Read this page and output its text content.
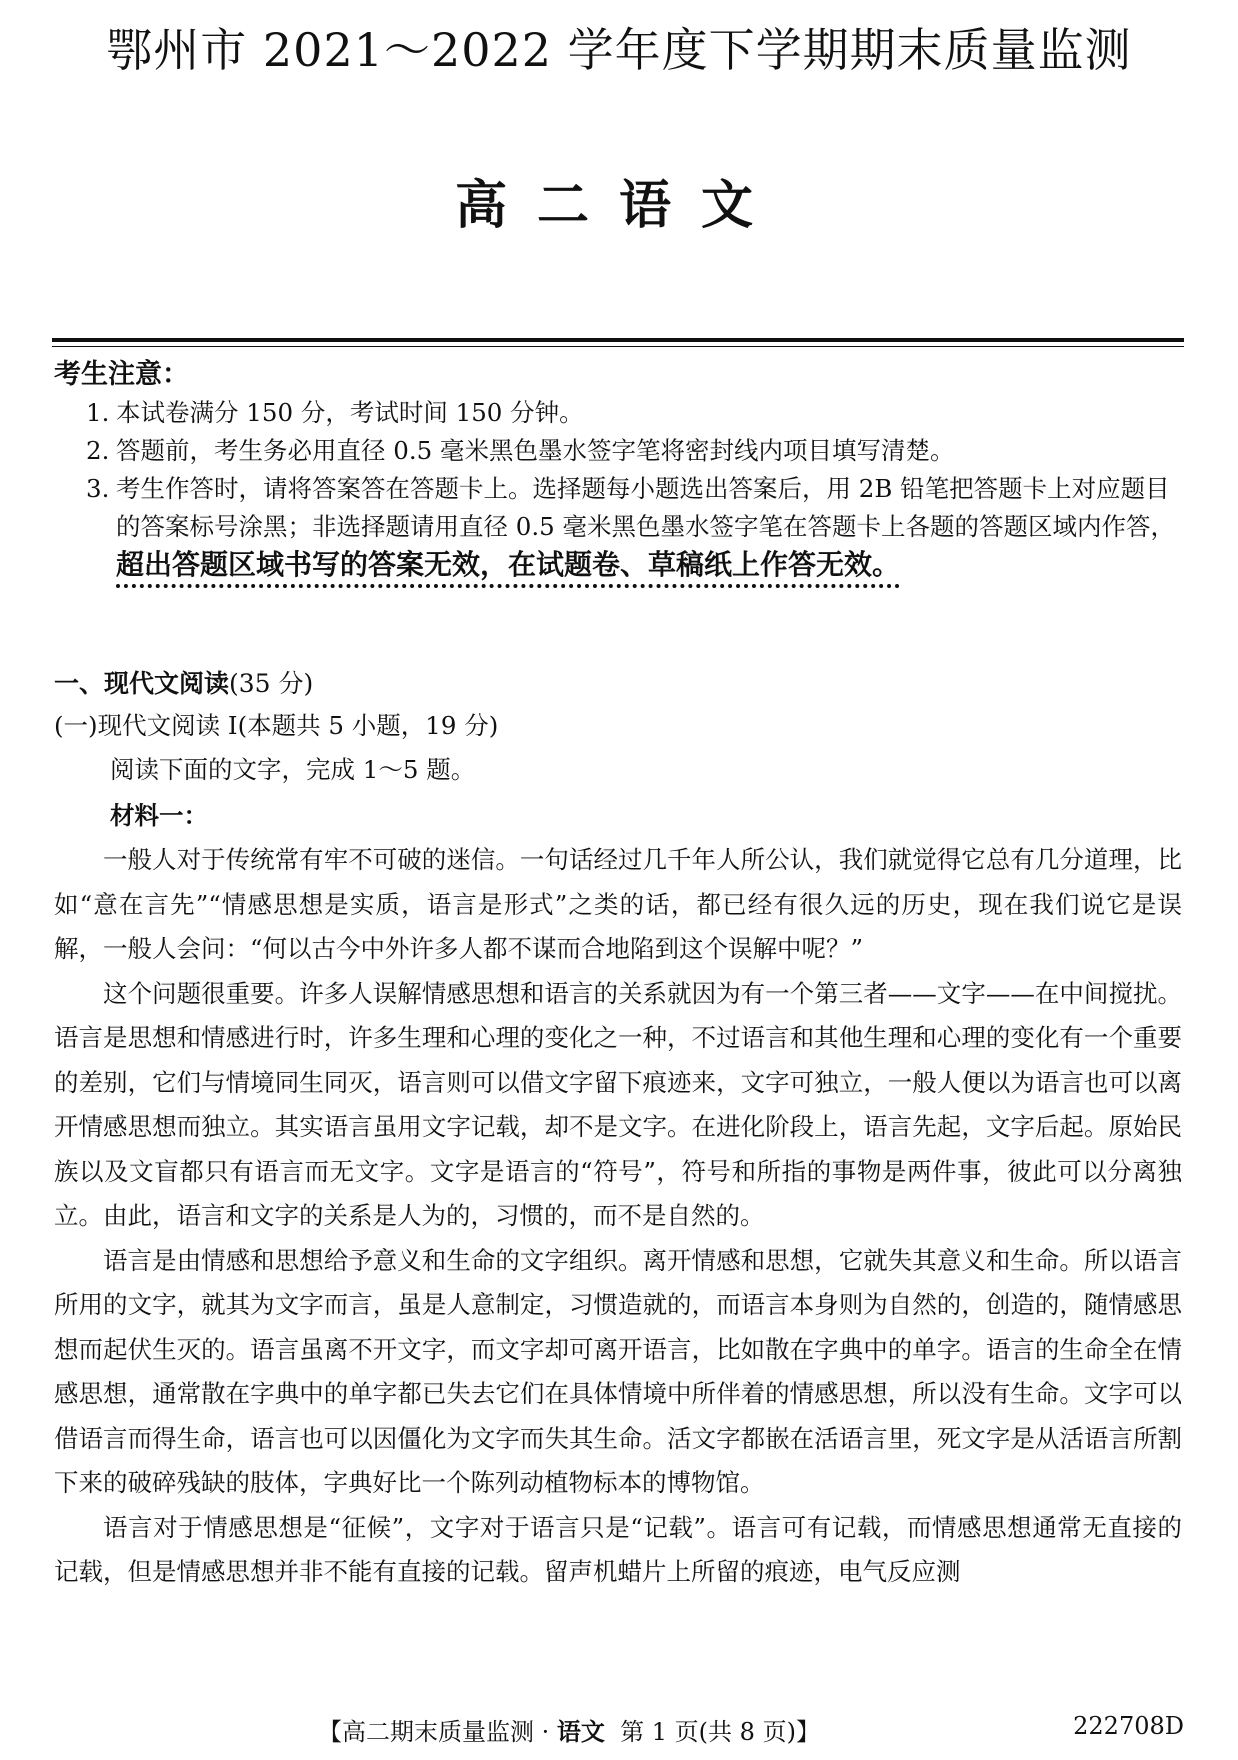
鄂州市 2021～2022 学年度下学期期末质量监测
高二语文
考生注意：
1. 本试卷满分 150 分，考试时间 150 分钟。
2. 答题前，考生务必用直径 0.5 毫米黑色墨水签字笔将密封线内项目填写清楚。
3. 考生作答时，请将答案答在答题卡上。选择题每小题选出答案后，用 2B 铅笔把答题卡上对应题目的答案标号涂黑；非选择题请用直径 0.5 毫米黑色墨水签字笔在答题卡上各题的答题区域内作答，超出答题区域书写的答案无效，在试题卷、草稿纸上作答无效。
一、现代文阅读(35 分)
(一)现代文阅读 I(本题共 5 小题，19 分)
阅读下面的文字，完成 1～5 题。
材料一：

一般人对于传统常有牢不可破的迷信。一句话经过几千年人所公认，我们就觉得它总有几分道理，比如“意在言先”“情感思想是实质，语言是形式”之类的话，都已经有很久远的历史，现在我们说它是误解，一般人会问：“何以古今中外许多人都不谋而合地陷到这个误解中呢？”

这个问题很重要。许多人误解情感思想和语言的关系就因为有一个第三者——文字——在中间搅扰。语言是思想和情感进行时，许多生理和心理的变化之一种，不过语言和其他生理和心理的变化有一个重要的差别，它们与情境同生同灭，语言则可以借文字留下痕迹来，文字可独立，一般人便以为语言也可以离开情感思想而独立。其实语言虽用文字记载，却不是文字。在进化阶段上，语言先起，文字后起。原始民族以及文盲都只有语言而无文字。文字是语言的“符号”，符号和所指的事物是两件事，彼此可以分离独立。由此，语言和文字的关系是人为的，习惯的，而不是自然的。

语言是由情感和思想给予意义和生命的文字组织。离开情感和思想，它就失其意义和生命。所以语言所用的文字，就其为文字而言，虽是人意制定，习惯造就的，而语言本身则为自然的，创造的，随情感思想而起伏生灭的。语言虽离不开文字，而文字却可离开语言，比如散在字典中的单字。语言的生命全在情感思想，通常散在字典中的单字都已失去它们在具体情境中所伴着的情感思想，所以没有生命。文字可以借语言而得生命，语言也可以因僵化为文字而失其生命。活文字都嵌在活语言里，死文字是从活语言所割下来的破碎残缺的肢体，字典好比一个陈列动植物标本的博物馆。

语言对于情感思想是“征候”，文字对于语言只是“记载”。语言可有记载，而情感思想通常无直接的记载，但是情感思想并非不能有直接的记载。留声机蜡片上所留的痕迹，电气反应测

【高二期末质量监测 · 语文 第 1 页(共 8 页)】	222708D
